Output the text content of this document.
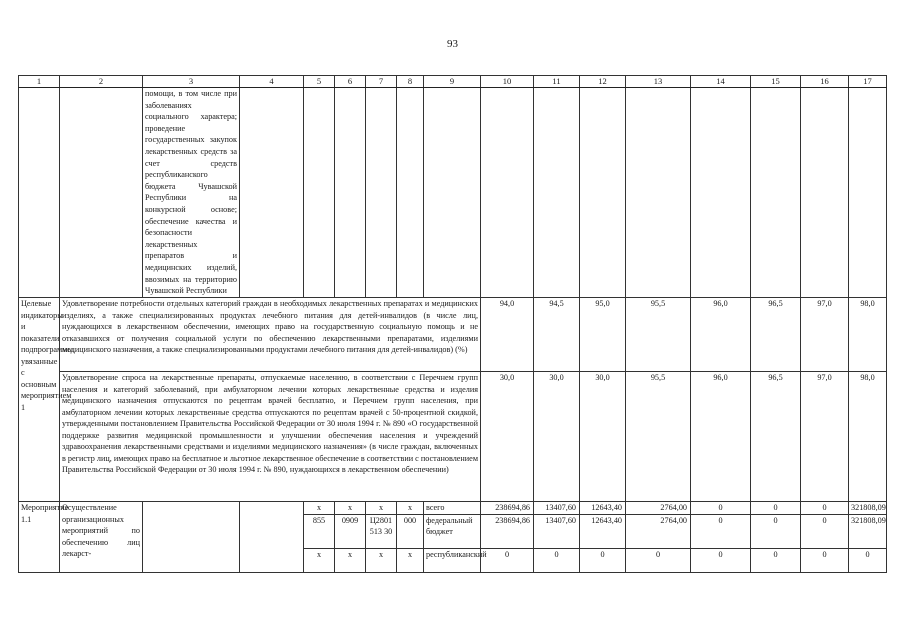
93
1	2	3	4	5	6	7	8	9	10	11	12	13	14	15	16	17
		помощи, в том числе при заболеваниях социального характера; проведение государственных закупок лекарственных средств за счет средств республиканского бюджета Чувашской Республики на конкурсной основе; обеспечение качества и безопасности лекарственных препаратов и медицинских изделий, ввозимых на территорию Чувашской Республики														
Целевые индикаторы и показатели подпрограммы, увязанные с основным мероприятием 1	Удовлетворение потребности отдельных категорий граждан в необходимых лекарственных препаратах и медицинских изделиях, а также специализированных продуктах лечебного питания для детей-инвалидов (в числе лиц, нуждающихся в лекарственном обеспечении, имеющих право на государственную социальную помощь и не отказавшихся от получения социальной услуги по обеспечению лекарственными препаратами, изделиями медицинского назначения, а также специализированными продуктами лечебного питания для детей-инвалидов) (%)								94,0	94,5	95,0	95,5	96,0	96,5	97,0	98,0
	Удовлетворение спроса на лекарственные препараты, отпускаемые населению, в соответствии с Перечнем групп населения и категорий заболеваний, при амбулаторном лечении которых лекарственные средства и изделия медицинского назначения отпускаются по рецептам врачей бесплатно, и Перечнем групп населения, при амбулаторном лечении которых лекарственные средства отпускаются по рецептам врачей с 50-процентной скидкой, утвержденными постановлением Правительства Российской Федерации от 30 июля 1994 г. № 890 «О государственной поддержке развития медицинской промышленности и улучшении обеспечения населения и учреждений здравоохранения лекарственными средствами и изделиями медицинского назначения» (в числе граждан, включенных в регистр лиц, имеющих право на бесплатное и льготное лекарственное обеспечение в соответствии с постановлением Правительства Российской Федерации от 30 июля 1994 г. № 890, нуждающихся в лекарственном обеспечении)								30,0	30,0	30,0	95,5	96,0	96,5	97,0	98,0
Мероприятие 1.1	Осуществление организационных мероприятий по обеспечению лиц лекарст-			x	x	x	x	всего	238694,86	13407,60	12643,40	2764,00	0	0	0	321808,09
				855	0909	Ц2801513 30	000	федеральный бюджет	238694,86	13407,60	12643,40	2764,00	0	0	0	321808,09
				x	x	x	x	республиканский	0	0	0	0	0	0	0	0
